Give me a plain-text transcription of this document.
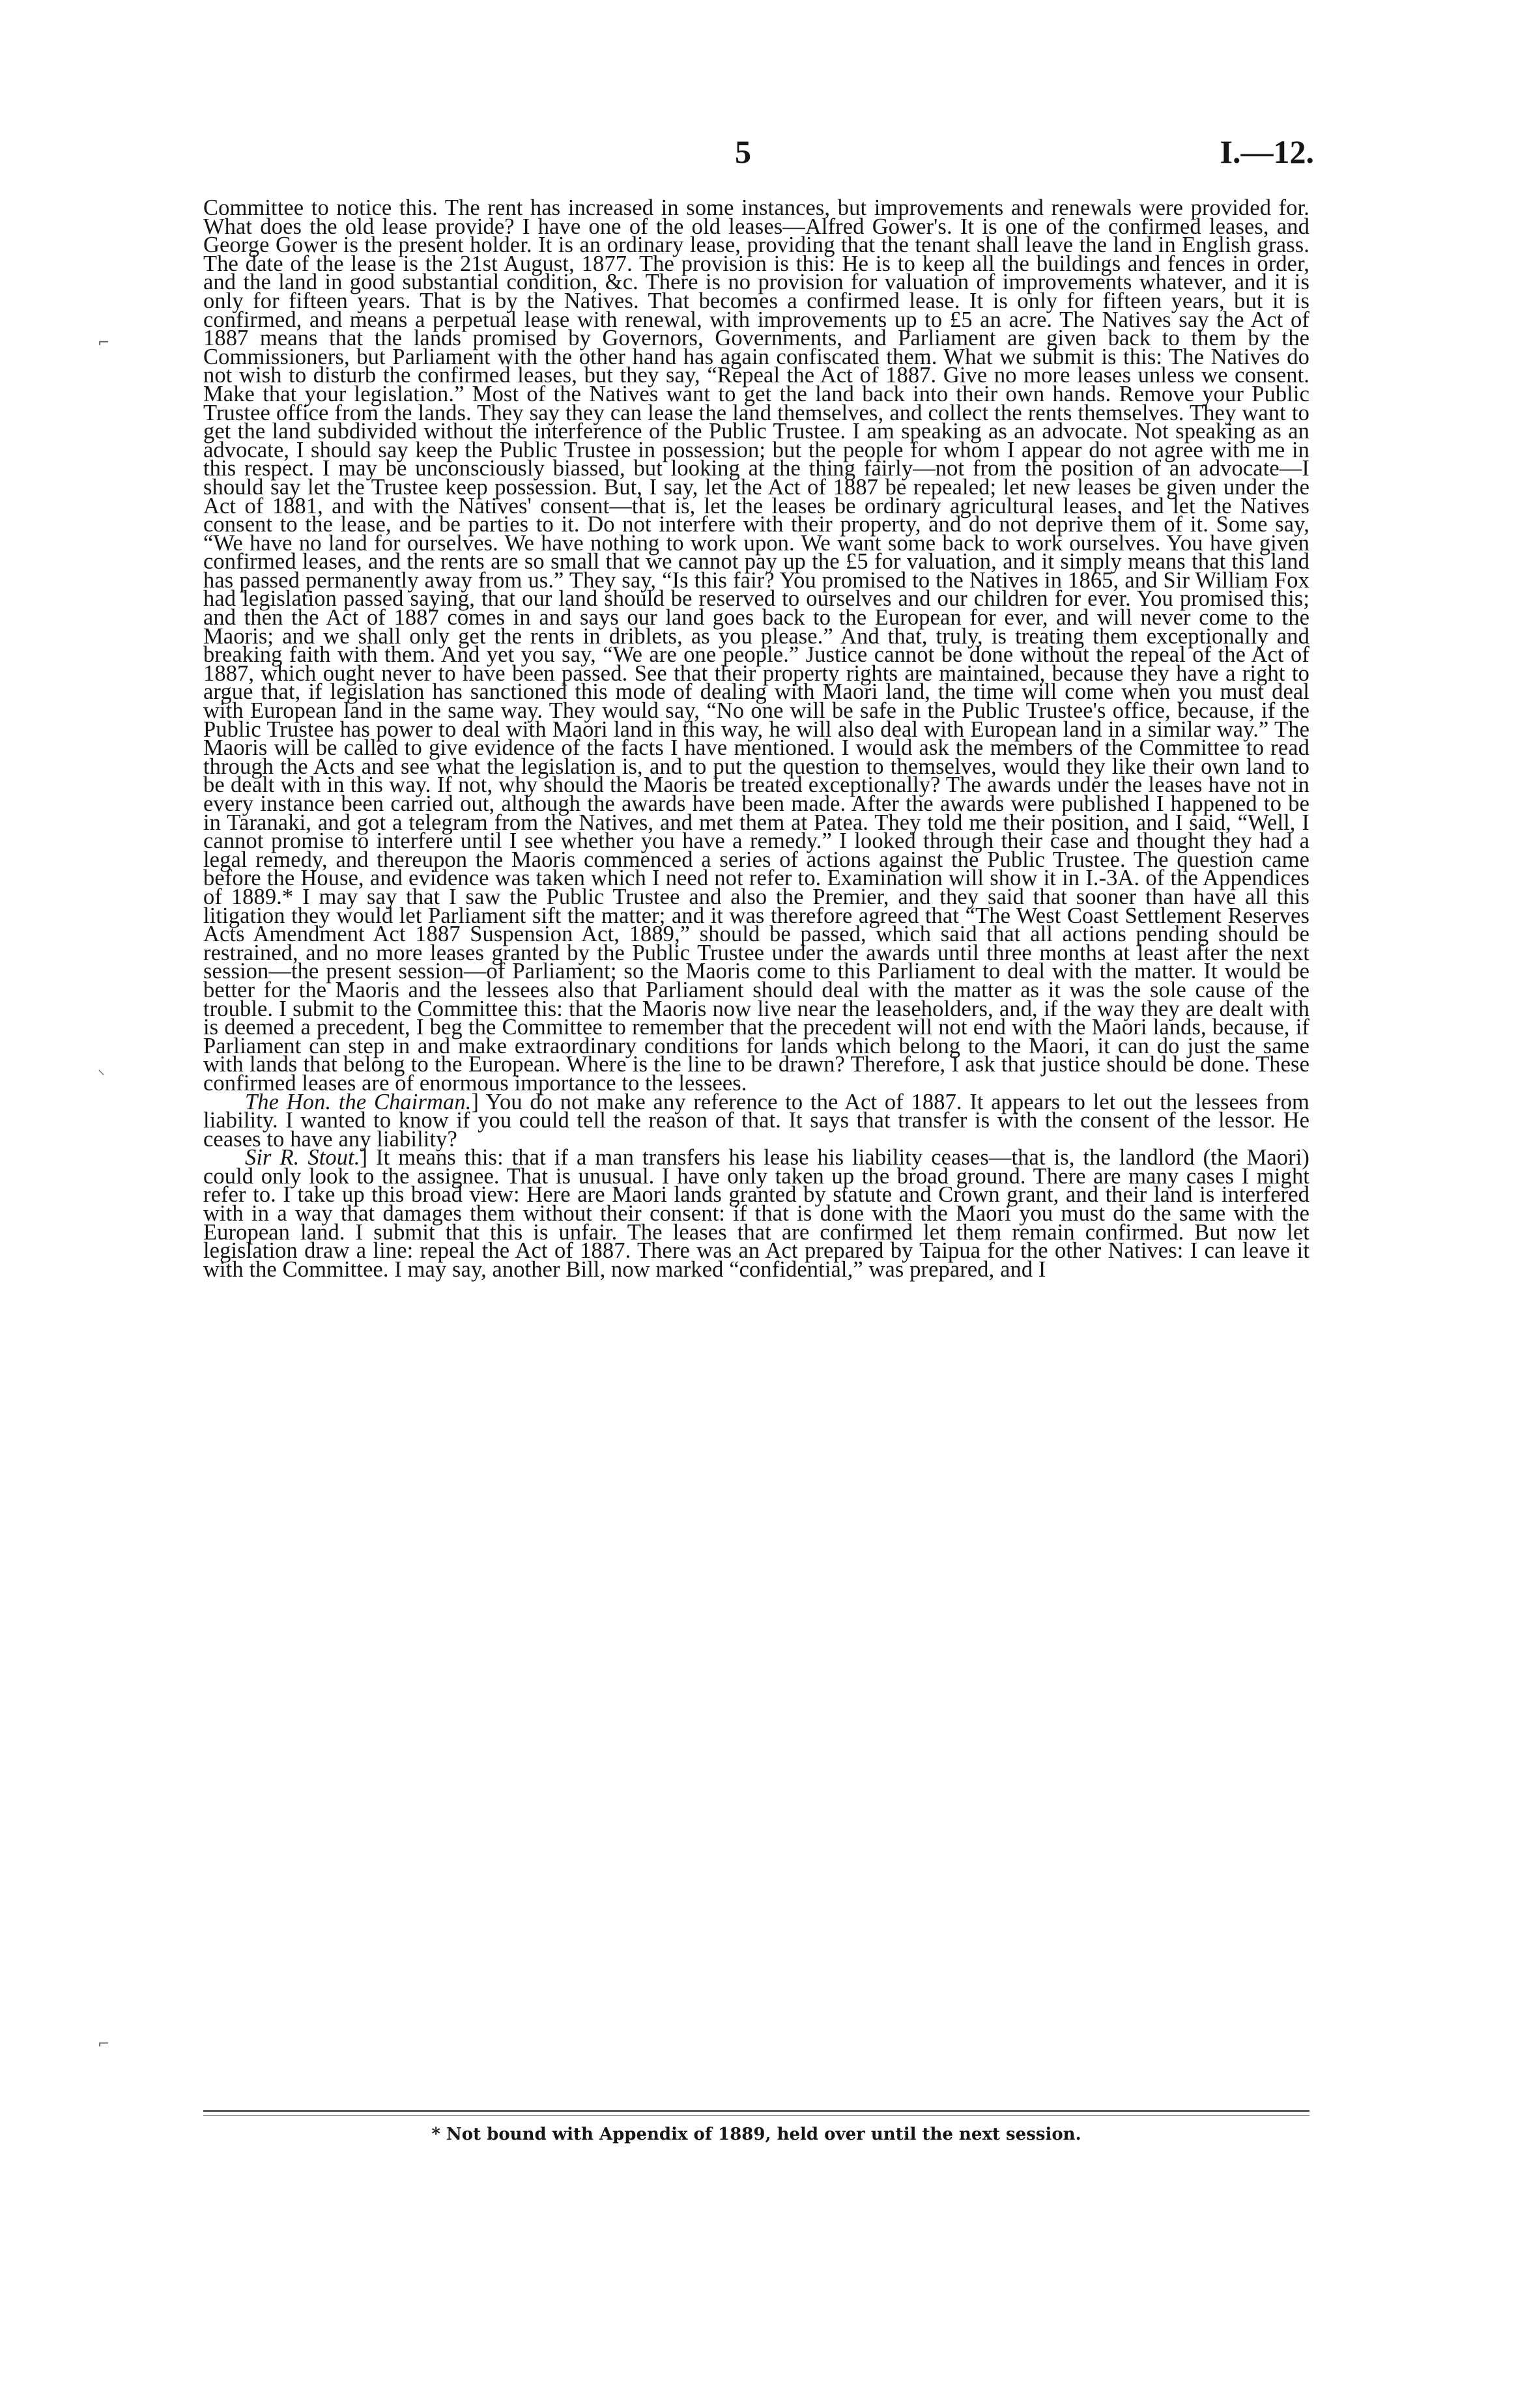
5	I.—12.
⌐
⸜
⌐

Committee to notice this. The rent has increased in some instances, but improvements and renewals were provided for. What does the old lease provide? I have one of the old leases—Alfred Gower's. It is one of the confirmed leases, and George Gower is the present holder. It is an ordinary lease, providing that the tenant shall leave the land in English grass. The date of the lease is the 21st August, 1877. The provision is this: He is to keep all the buildings and fences in order, and the land in good substantial condition, &c. There is no provision for valuation of improvements whatever, and it is only for fifteen years. That is by the Natives. That becomes a confirmed lease. It is only for fifteen years, but it is confirmed, and means a perpetual lease with renewal, with improvements up to £5 an acre. The Natives say the Act of 1887 means that the lands promised by Governors, Governments, and Parliament are given back to them by the Commissioners, but Parliament with the other hand has again confiscated them. What we submit is this: The Natives do not wish to disturb the confirmed leases, but they say, “Repeal the Act of 1887. Give no more leases unless we consent. Make that your legislation.” Most of the Natives want to get the land back into their own hands. Remove your Public Trustee office from the lands. They say they can lease the land themselves, and collect the rents themselves. They want to get the land subdivided without the interference of the Public Trustee. I am speaking as an advocate. Not speaking as an advocate, I should say keep the Public Trustee in possession; but the people for whom I appear do not agree with me in this respect. I may be unconsciously biassed, but looking at the thing fairly—not from the position of an advocate—I should say let the Trustee keep possession. But, I say, let the Act of 1887 be repealed; let new leases be given under the Act of 1881, and with the Natives' consent—that is, let the leases be ordinary agricultural leases, and let the Natives consent to the lease, and be parties to it. Do not interfere with their property, and do not deprive them of it. Some say, “We have no land for ourselves. We have nothing to work upon. We want some back to work ourselves. You have given confirmed leases, and the rents are so small that we cannot pay up the £5 for valuation, and it simply means that this land has passed permanently away from us.” They say, “Is this fair? You promised to the Natives in 1865, and Sir William Fox had legislation passed saying, that our land should be reserved to ourselves and our children for ever. You promised this; and then the Act of 1887 comes in and says our land goes back to the European for ever, and will never come to the Maoris; and we shall only get the rents in driblets, as you please.” And that, truly, is treating them exceptionally and breaking faith with them. And yet you say, “We are one people.” Justice cannot be done without the repeal of the Act of 1887, which ought never to have been passed. See that their property rights are maintained, because they have a right to argue that, if legislation has sanctioned this mode of dealing with Maori land, the time will come when you must deal with European land in the same way. They would say, “No one will be safe in the Public Trustee's office, because, if the Public Trustee has power to deal with Maori land in this way, he will also deal with European land in a similar way.” The Maoris will be called to give evidence of the facts I have mentioned. I would ask the members of the Committee to read through the Acts and see what the legislation is, and to put the question to themselves, would they like their own land to be dealt with in this way. If not, why should the Maoris be treated exceptionally? The awards under the leases have not in every instance been carried out, although the awards have been made. After the awards were published I happened to be in Taranaki, and got a telegram from the Natives, and met them at Patea. They told me their position, and I said, “Well, I cannot promise to interfere until I see whether you have a remedy.” I looked through their case and thought they had a legal remedy, and thereupon the Maoris commenced a series of actions against the Public Trustee. The question came before the House, and evidence was taken which I need not refer to. Examination will show it in I.-3A. of the Appendices of 1889.* I may say that I saw the Public Trustee and also the Premier, and they said that sooner than have all this litigation they would let Parliament sift the matter; and it was therefore agreed that “The West Coast Settlement Reserves Acts Amendment Act 1887 Suspension Act, 1889,” should be passed, which said that all actions pending should be restrained, and no more leases granted by the Public Trustee under the awards until three months at least after the next session—the present session—of Parliament; so the Maoris come to this Parliament to deal with the matter. It would be better for the Maoris and the lessees also that Parliament should deal with the matter as it was the sole cause of the trouble. I submit to the Committee this: that the Maoris now live near the leaseholders, and, if the way they are dealt with is deemed a precedent, I beg the Committee to remember that the precedent will not end with the Maori lands, because, if Parliament can step in and make extraordinary conditions for lands which belong to the Maori, it can do just the same with lands that belong to the European. Where is the line to be drawn? Therefore, I ask that justice should be done. These confirmed leases are of enormous importance to the lessees.

The Hon. the Chairman.] You do not make any reference to the Act of 1887. It appears to let out the lessees from liability. I wanted to know if you could tell the reason of that. It says that transfer is with the consent of the lessor. He ceases to have any liability?

Sir R. Stout.] It means this: that if a man transfers his lease his liability ceases—that is, the landlord (the Maori) could only look to the assignee. That is unusual. I have only taken up the broad ground. There are many cases I might refer to. I take up this broad view: Here are Maori lands granted by statute and Crown grant, and their land is interfered with in a way that damages them without their consent: if that is done with the Maori you must do the same with the European land. I submit that this is unfair. The leases that are confirmed let them remain confirmed. But now let legislation draw a line: repeal the Act of 1887. There was an Act prepared by Taipua for the other Natives: I can leave it with the Committee. I may say, another Bill, now marked “confidential,” was prepared, and I

* Not bound with Appendix of 1889, held over until the next session.
